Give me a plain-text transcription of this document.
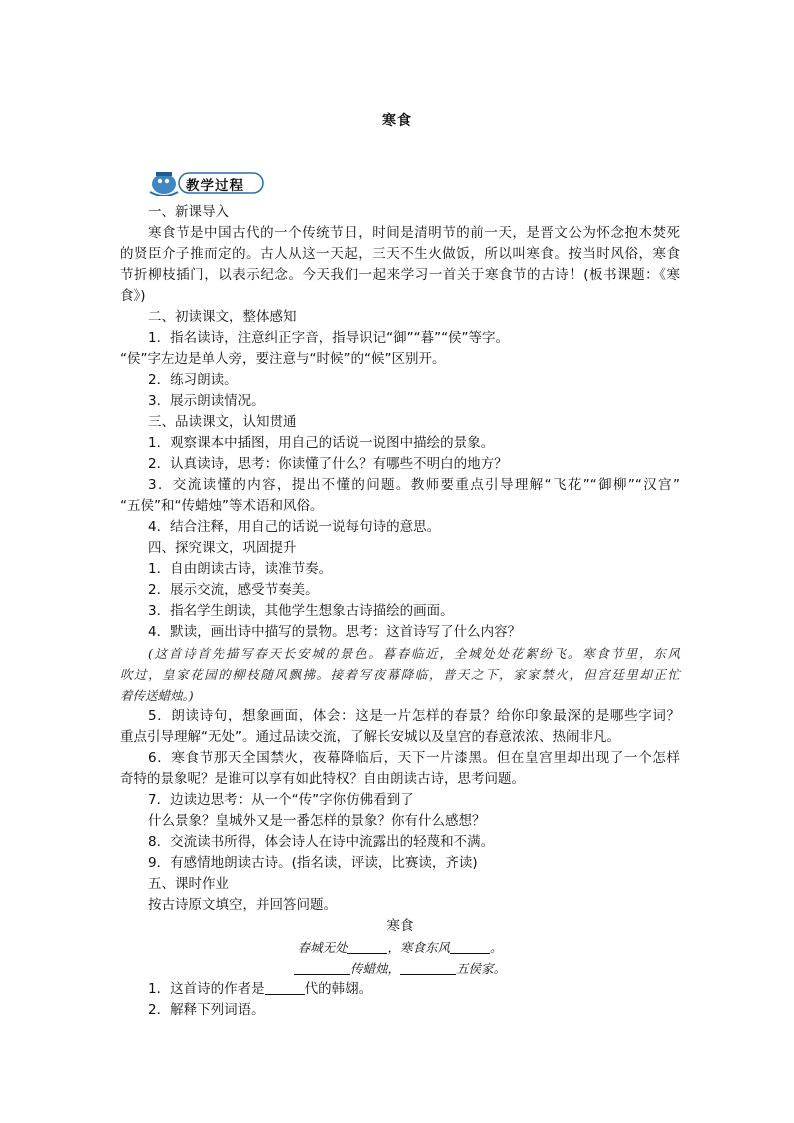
寒食
教学过程
一、新课导入
寒食节是中国古代的一个传统节日，时间是清明节的前一天，是晋文公为怀念抱木焚死
的贤臣介子推而定的。古人从这一天起，三天不生火做饭，所以叫寒食。按当时风俗，寒食
节折柳枝插门，以表示纪念。今天我们一起来学习一首关于寒食节的古诗！(板书课题：《寒
食》)
二、初读课文，整体感知
1．指名读诗，注意纠正字音，指导识记“御”“暮”“侯”等字。
“侯”字左边是单人旁，要注意与“时候”的“候”区别开。
2．练习朗读。
3．展示朗读情况。
三、品读课文，认知贯通
1．观察课本中插图，用自己的话说一说图中描绘的景象。
2．认真读诗，思考：你读懂了什么？有哪些不明白的地方？
3．交流读懂的内容，提出不懂的问题。教师要重点引导理解“飞花”“御柳”“汉宫”
“五侯”和“传蜡烛”等术语和风俗。
4．结合注释，用自己的话说一说每句诗的意思。
四、探究课文，巩固提升
1．自由朗读古诗，读准节奏。
2．展示交流，感受节奏美。
3．指名学生朗读，其他学生想象古诗描绘的画面。
4．默读，画出诗中描写的景物。思考：这首诗写了什么内容？
(这首诗首先描写春天长安城的景色。暮春临近，全城处处花絮纷飞。寒食节里，东风
吹过，皇家花园的柳枝随风飘拂。接着写夜幕降临，普天之下，家家禁火，但宫廷里却正忙
着传送蜡烛。)
5．朗读诗句，想象画面，体会：这是一片怎样的春景？给你印象最深的是哪些字词？
重点引导理解“无处”。通过品读交流，了解长安城以及皇宫的春意浓浓、热闹非凡。
6．寒食节那天全国禁火，夜幕降临后，天下一片漆黑。但在皇宫里却出现了一个怎样
奇特的景象呢？是谁可以享有如此特权？自由朗读古诗，思考问题。
7．边读边思考：从一个“传”字你仿佛看到了
什么景象？皇城外又是一番怎样的景象？你有什么感想？
8．交流读书所得，体会诗人在诗中流露出的轻蔑和不满。
9．有感情地朗读古诗。(指名读，评读，比赛读，齐读)
五、课时作业
按古诗原文填空，并回答问题。
寒食
春城无处	，寒食东风	。
传蜡烛，	五侯家。
1．这首诗的作者是	代的韩翃。
2．解释下列词语。
